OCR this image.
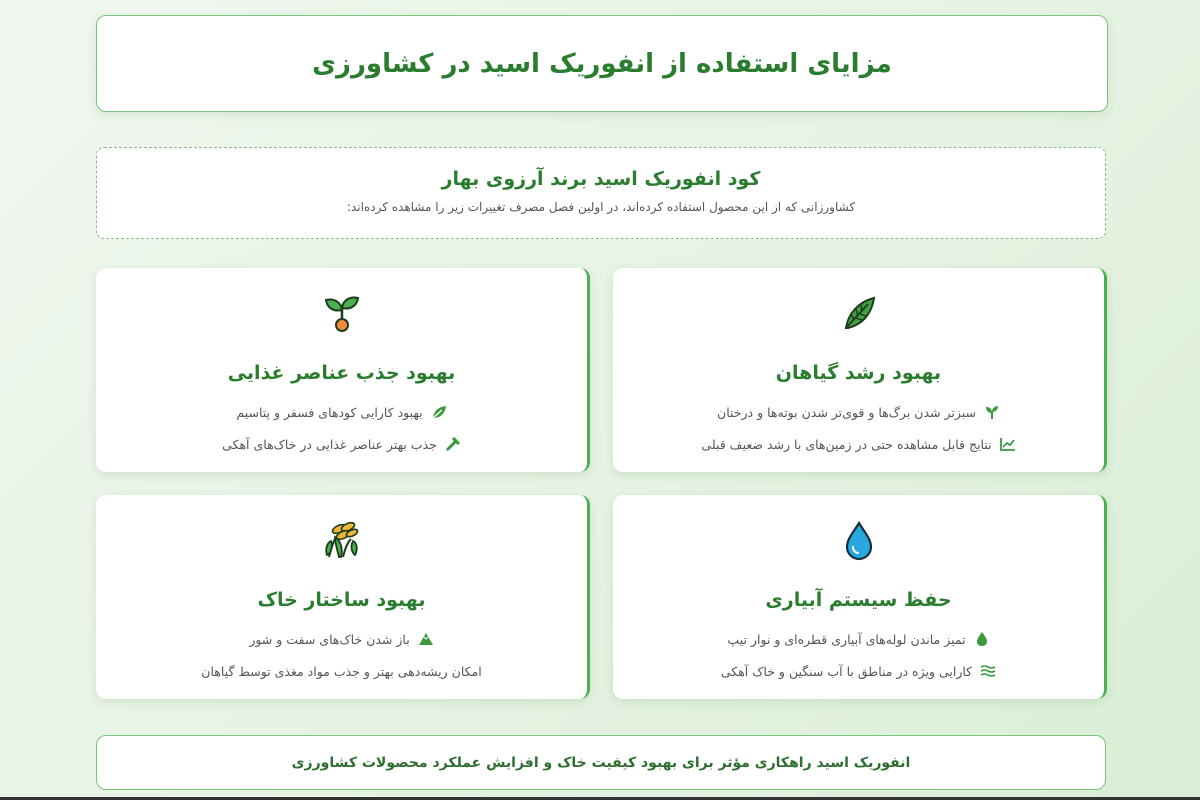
مزایای استفاده از انفوریک اسید در کشاورزی
کود انفوریک اسید برند آرزوی بهار
کشاورزانی که از این محصول استفاده کرده‌اند، در اولین فصل مصرف تغییرات زیر را مشاهده کرده‌اند:
بهبود رشد گیاهان
سبزتر شدن برگ‌ها و قوی‌تر شدن بوته‌ها و درختان
نتایج قابل مشاهده حتی در زمین‌های با رشد ضعیف قبلی
بهبود جذب عناصر غذایی
بهبود کارایی کودهای فسفر و پتاسیم
جذب بهتر عناصر غذایی در خاک‌های آهکی
حفظ سیستم آبیاری
تمیز ماندن لوله‌های آبیاری قطره‌ای و نوار تیپ
کارایی ویژه در مناطق با آب سنگین و خاک آهکی
بهبود ساختار خاک
باز شدن خاک‌های سفت و شور
امکان ریشه‌دهی بهتر و جذب مواد مغذی توسط گیاهان
انفوریک اسید راهکاری مؤثر برای بهبود کیفیت خاک و افزایش عملکرد محصولات کشاورزی
